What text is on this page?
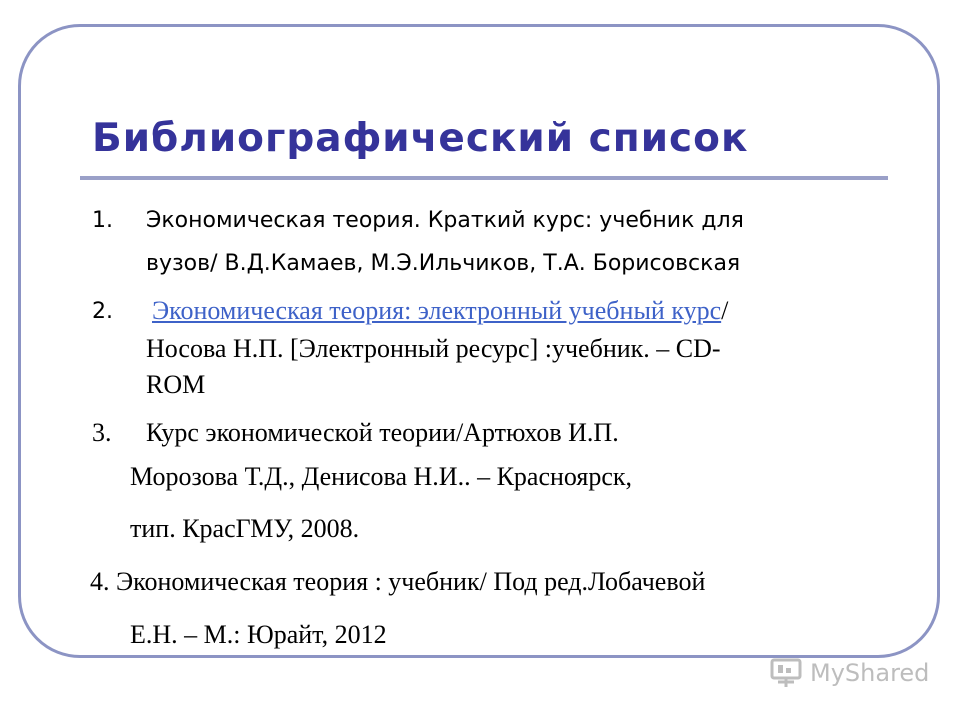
Библиографический список
1. Экономическая теория. Краткий курс: учебник для
вузов/ В.Д.Камаев, М.Э.Ильчиков, Т.А. Борисовская
2. Экономическая теория: электронный учебный курс/
Носова Н.П. [Электронный ресурс] :учебник. – CD-
ROM
3. Курс экономической теории/Артюхов И.П.
Морозова Т.Д., Денисова Н.И.. – Красноярск,
тип. КрасГМУ, 2008.
4. Экономическая теория : учебник/ Под ред.Лобачевой
Е.Н. – М.: Юрайт, 2012
MyShared
